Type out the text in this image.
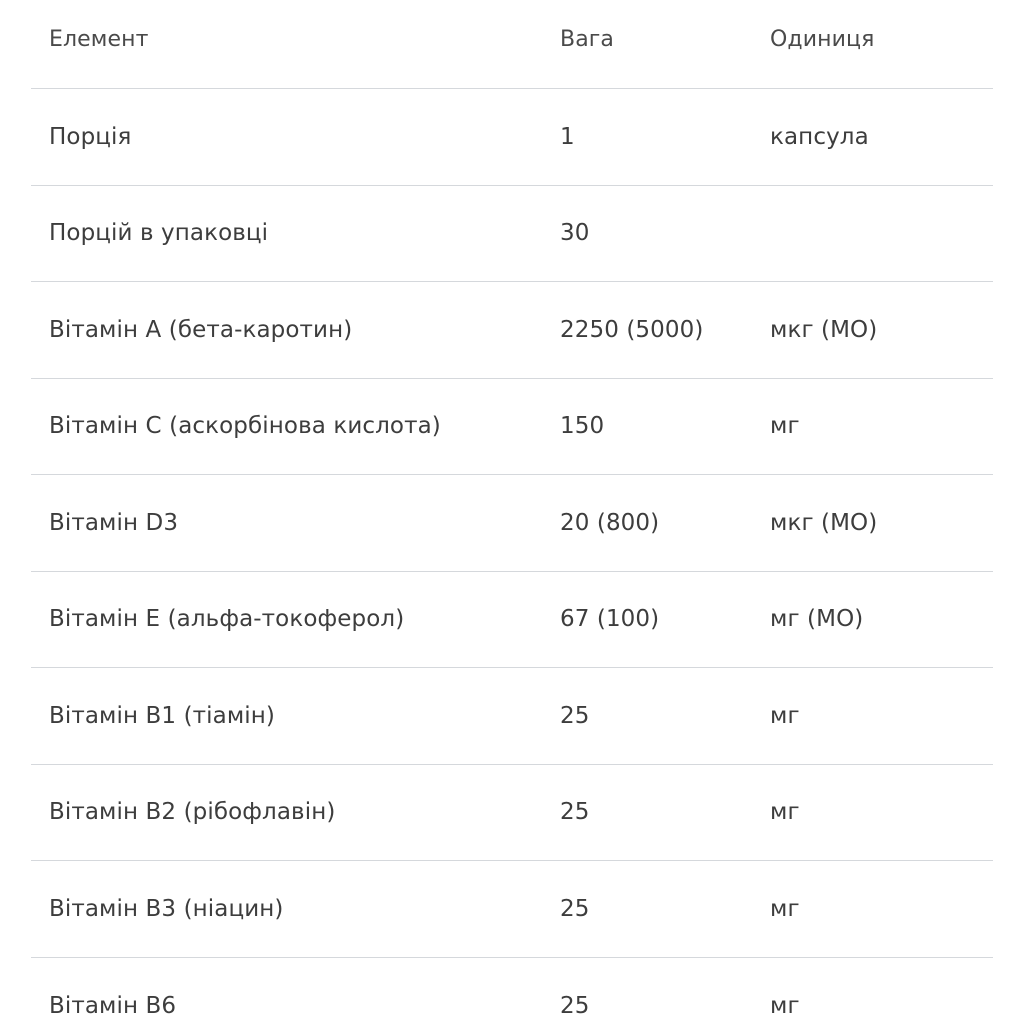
Елемент	Вага	Одиниця
Порція	1	капсула
Порцій в упаковці	30
Вітамін A (бета-каротин)	2250 (5000)	мкг (МО)
Вітамін C (аскорбінова кислота)	150	мг
Вітамін D3	20 (800)	мкг (МО)
Вітамін E (альфа-токоферол)	67 (100)	мг (МО)
Вітамін B1 (тіамін)	25	мг
Вітамін B2 (рібофлавін)	25	мг
Вітамін B3 (ніацин)	25	мг
Вітамін B6	25	мг
